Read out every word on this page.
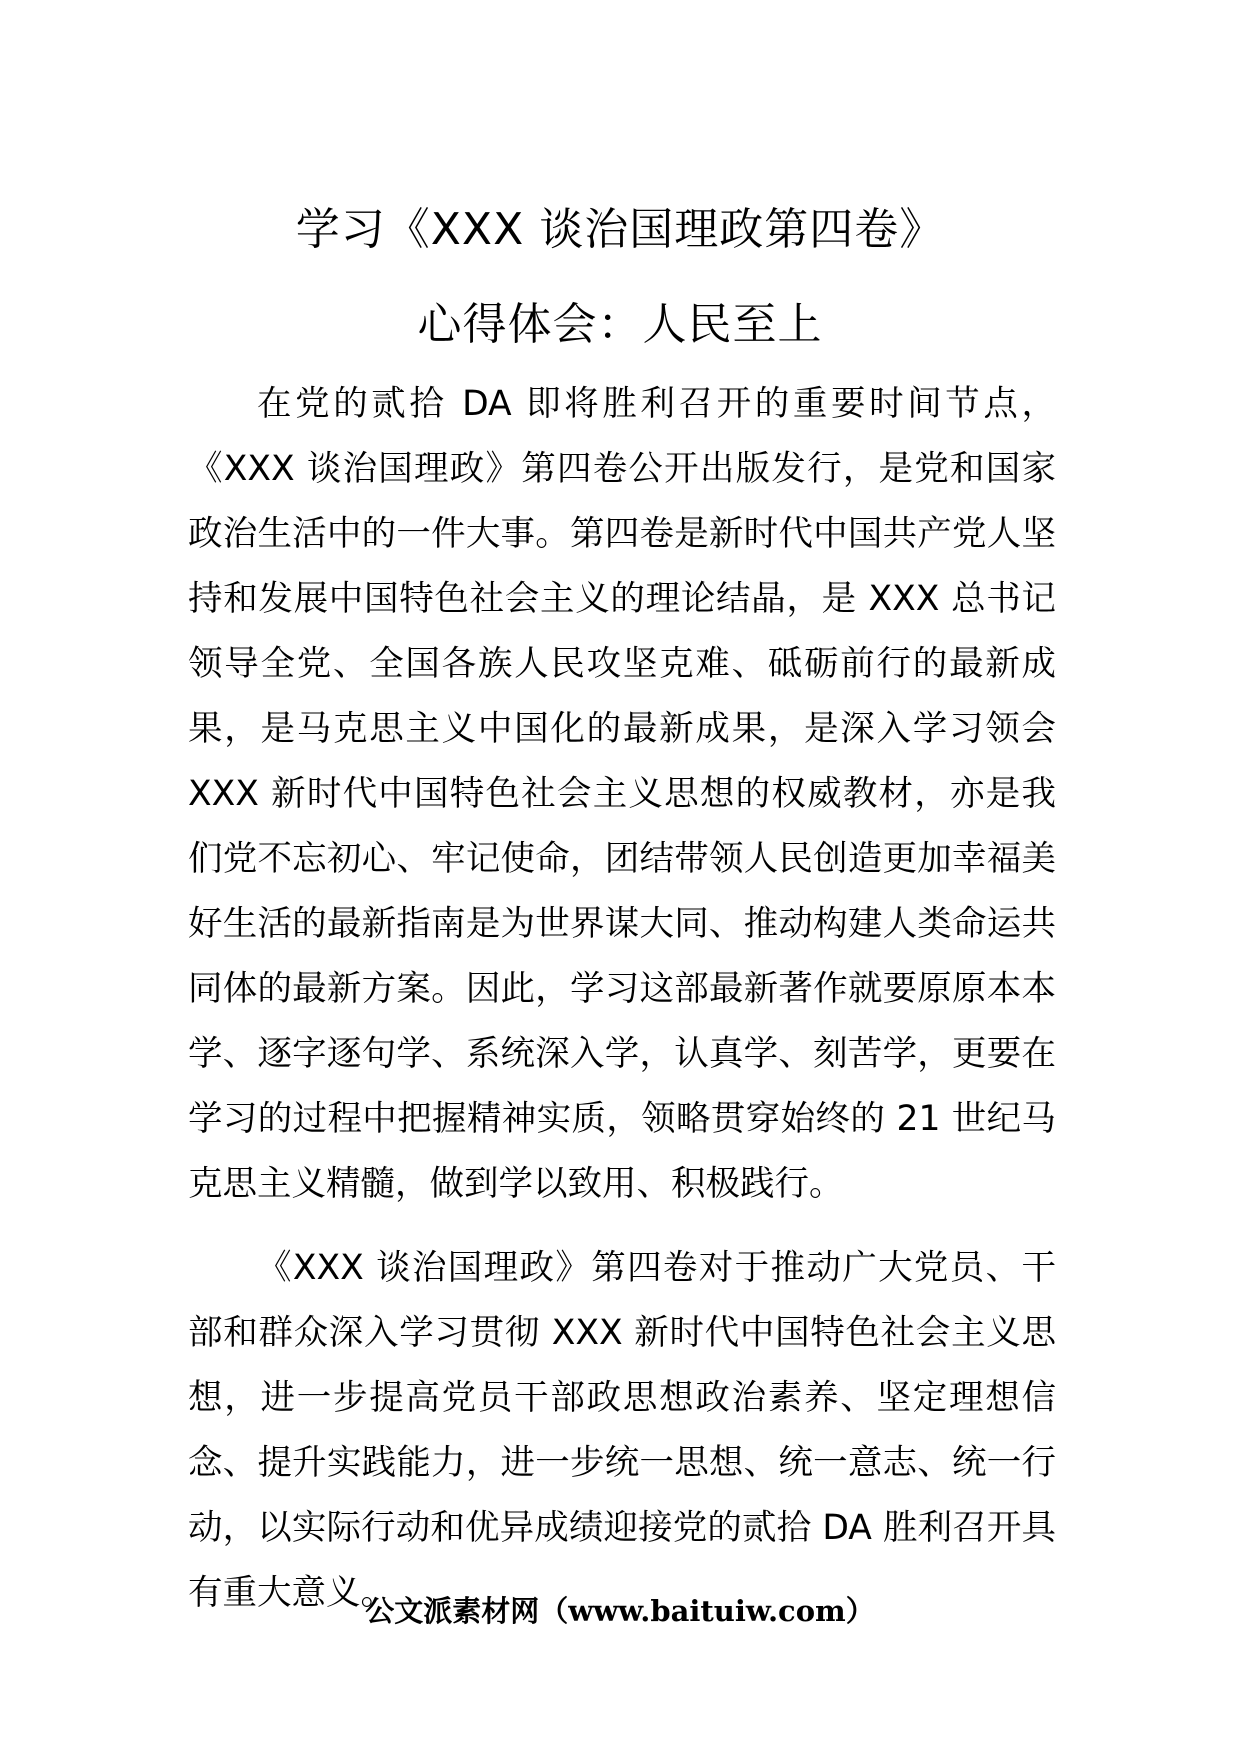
学习《XXX 谈治国理政第四卷》
心得体会：人民至上

在党的贰拾 DA 即将胜利召开的重要时间节点，《XXX 谈治国理政》第四卷公开出版发行，是党和国家政治生活中的一件大事。第四卷是新时代中国共产党人坚持和发展中国特色社会主义的理论结晶，是 XXX 总书记领导全党、全国各族人民攻坚克难、砥砺前行的最新成果，是马克思主义中国化的最新成果，是深入学习领会 XXX 新时代中国特色社会主义思想的权威教材，亦是我们党不忘初心、牢记使命，团结带领人民创造更加幸福美好生活的最新指南是为世界谋大同、推动构建人类命运共同体的最新方案。因此，学习这部最新著作就要原原本本学、逐字逐句学、系统深入学，认真学、刻苦学，更要在学习的过程中把握精神实质，领略贯穿始终的 21 世纪马克思主义精髓，做到学以致用、积极践行。

《XXX 谈治国理政》第四卷对于推动广大党员、干部和群众深入学习贯彻 XXX 新时代中国特色社会主义思想，进一步提高党员干部政思想政治素养、坚定理想信念、提升实践能力，进一步统一思想、统一意志、统一行动，以实际行动和优异成绩迎接党的贰拾 DA 胜利召开具有重大意义。

公文派素材网（www.baituiw.com）
